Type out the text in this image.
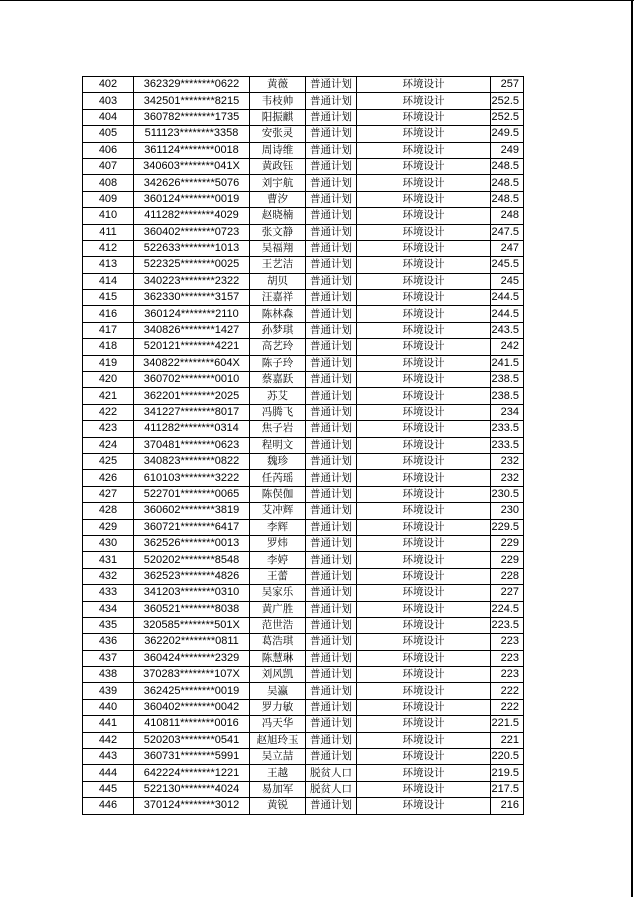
402	362329********0622	黄薇	普通计划	环境设计	257
403	342501********8215	韦枝帅	普通计划	环境设计	252.5
404	360782********1735	阳振麒	普通计划	环境设计	252.5
405	511123********3358	安张灵	普通计划	环境设计	249.5
406	361124********0018	周诗维	普通计划	环境设计	249
407	340603********041X	黄政钰	普通计划	环境设计	248.5
408	342626********5076	刘宇航	普通计划	环境设计	248.5
409	360124********0019	曹汐	普通计划	环境设计	248.5
410	411282********4029	赵晓楠	普通计划	环境设计	248
411	360402********0723	张文静	普通计划	环境设计	247.5
412	522633********1013	吴福翔	普通计划	环境设计	247
413	522325********0025	王艺洁	普通计划	环境设计	245.5
414	340223********2322	胡贝	普通计划	环境设计	245
415	362330********3157	汪嘉祥	普通计划	环境设计	244.5
416	360124********2110	陈林森	普通计划	环境设计	244.5
417	340826********1427	孙梦琪	普通计划	环境设计	243.5
418	520121********4221	高艺玲	普通计划	环境设计	242
419	340822********604X	陈子玲	普通计划	环境设计	241.5
420	360702********0010	蔡嘉跃	普通计划	环境设计	238.5
421	362201********2025	苏艾	普通计划	环境设计	238.5
422	341227********8017	冯腾飞	普通计划	环境设计	234
423	411282********0314	焦子岩	普通计划	环境设计	233.5
424	370481********0623	程明文	普通计划	环境设计	233.5
425	340823********0822	魏珍	普通计划	环境设计	232
426	610103********3222	任芮瑶	普通计划	环境设计	232
427	522701********0065	陈俣伽	普通计划	环境设计	230.5
428	360602********3819	艾冲辉	普通计划	环境设计	230
429	360721********6417	李辉	普通计划	环境设计	229.5
430	362526********0013	罗炜	普通计划	环境设计	229
431	520202********8548	李婷	普通计划	环境设计	229
432	362523********4826	王蕾	普通计划	环境设计	228
433	341203********0310	吴家乐	普通计划	环境设计	227
434	360521********8038	黄广胜	普通计划	环境设计	224.5
435	320585********501X	范世浩	普通计划	环境设计	223.5
436	362202********0811	葛浩琪	普通计划	环境设计	223
437	360424********2329	陈慧琳	普通计划	环境设计	223
438	370283********107X	刘风凯	普通计划	环境设计	223
439	362425********0019	吴瀛	普通计划	环境设计	222
440	360402********0042	罗力敏	普通计划	环境设计	222
441	410811********0016	冯天华	普通计划	环境设计	221.5
442	520203********0541	赵旭玲玉	普通计划	环境设计	221
443	360731********5991	吴立喆	普通计划	环境设计	220.5
444	642224********1221	王越	脱贫人口	环境设计	219.5
445	522130********4024	易加军	脱贫人口	环境设计	217.5
446	370124********3012	黄锐	普通计划	环境设计	216
